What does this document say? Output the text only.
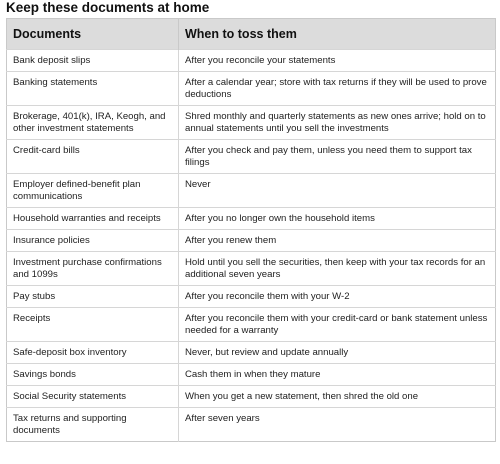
Keep these documents at home
Documents	When to toss them
Bank deposit slips	After you reconcile your statements
Banking statements	After a calendar year; store with tax returns if they will be used to prove deductions
Brokerage, 401(k), IRA, Keogh, and other investment statements	Shred monthly and quarterly statements as new ones arrive; hold on to annual statements until you sell the investments
Credit-card bills	After you check and pay them, unless you need them to support tax filings
Employer defined-benefit plan communications	Never
Household warranties and receipts	After you no longer own the household items
Insurance policies	After you renew them
Investment purchase confirmations and 1099s	Hold until you sell the securities, then keep with your tax records for an additional seven years
Pay stubs	After you reconcile them with your W-2
Receipts	After you reconcile them with your credit-card or bank statement unless needed for a warranty
Safe-deposit box inventory	Never, but review and update annually
Savings bonds	Cash them in when they mature
Social Security statements	When you get a new statement, then shred the old one
Tax returns and supporting documents	After seven years
